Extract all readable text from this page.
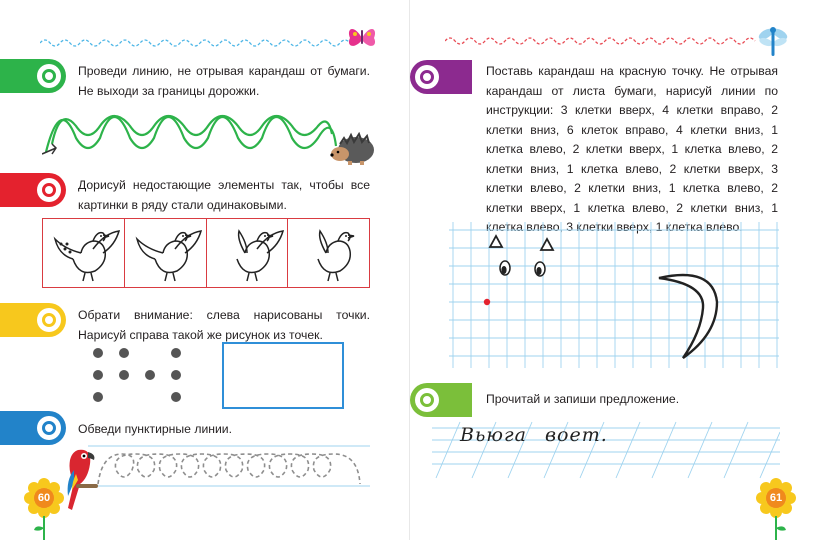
Проведи линию, не отрывая карандаш от бумаги. Не выходи за границы дорожки.
Дорисуй недостающие элементы так, чтобы все картинки в ряду стали одинаковыми.
Обрати внимание: слева нарисованы точки. Нарисуй справа такой же рисунок из точек.
Обведи пунктирные линии.
60
Поставь карандаш на красную точку. Не отрывая карандаш от листа бумаги, нарисуй линии по инструкции: 3 клетки вверх, 4 клетки вправо, 2 клетки вниз, 6 клеток вправо, 4 клетки вниз, 1 клетка влево, 2 клетки вверх, 1 клетка влево, 2 клетки вниз, 1 клетка влево, 2 клетки вверх, 3 клетки влево, 2 клетки вниз, 1 клетка влево, 2 клетки вверх, 1 клетка влево, 2 клетки вниз, 1 клетка влево, 3 клетки вверх, 1 клетка влево.
Прочитай и запиши предложение.
Вьюга воет.
61
